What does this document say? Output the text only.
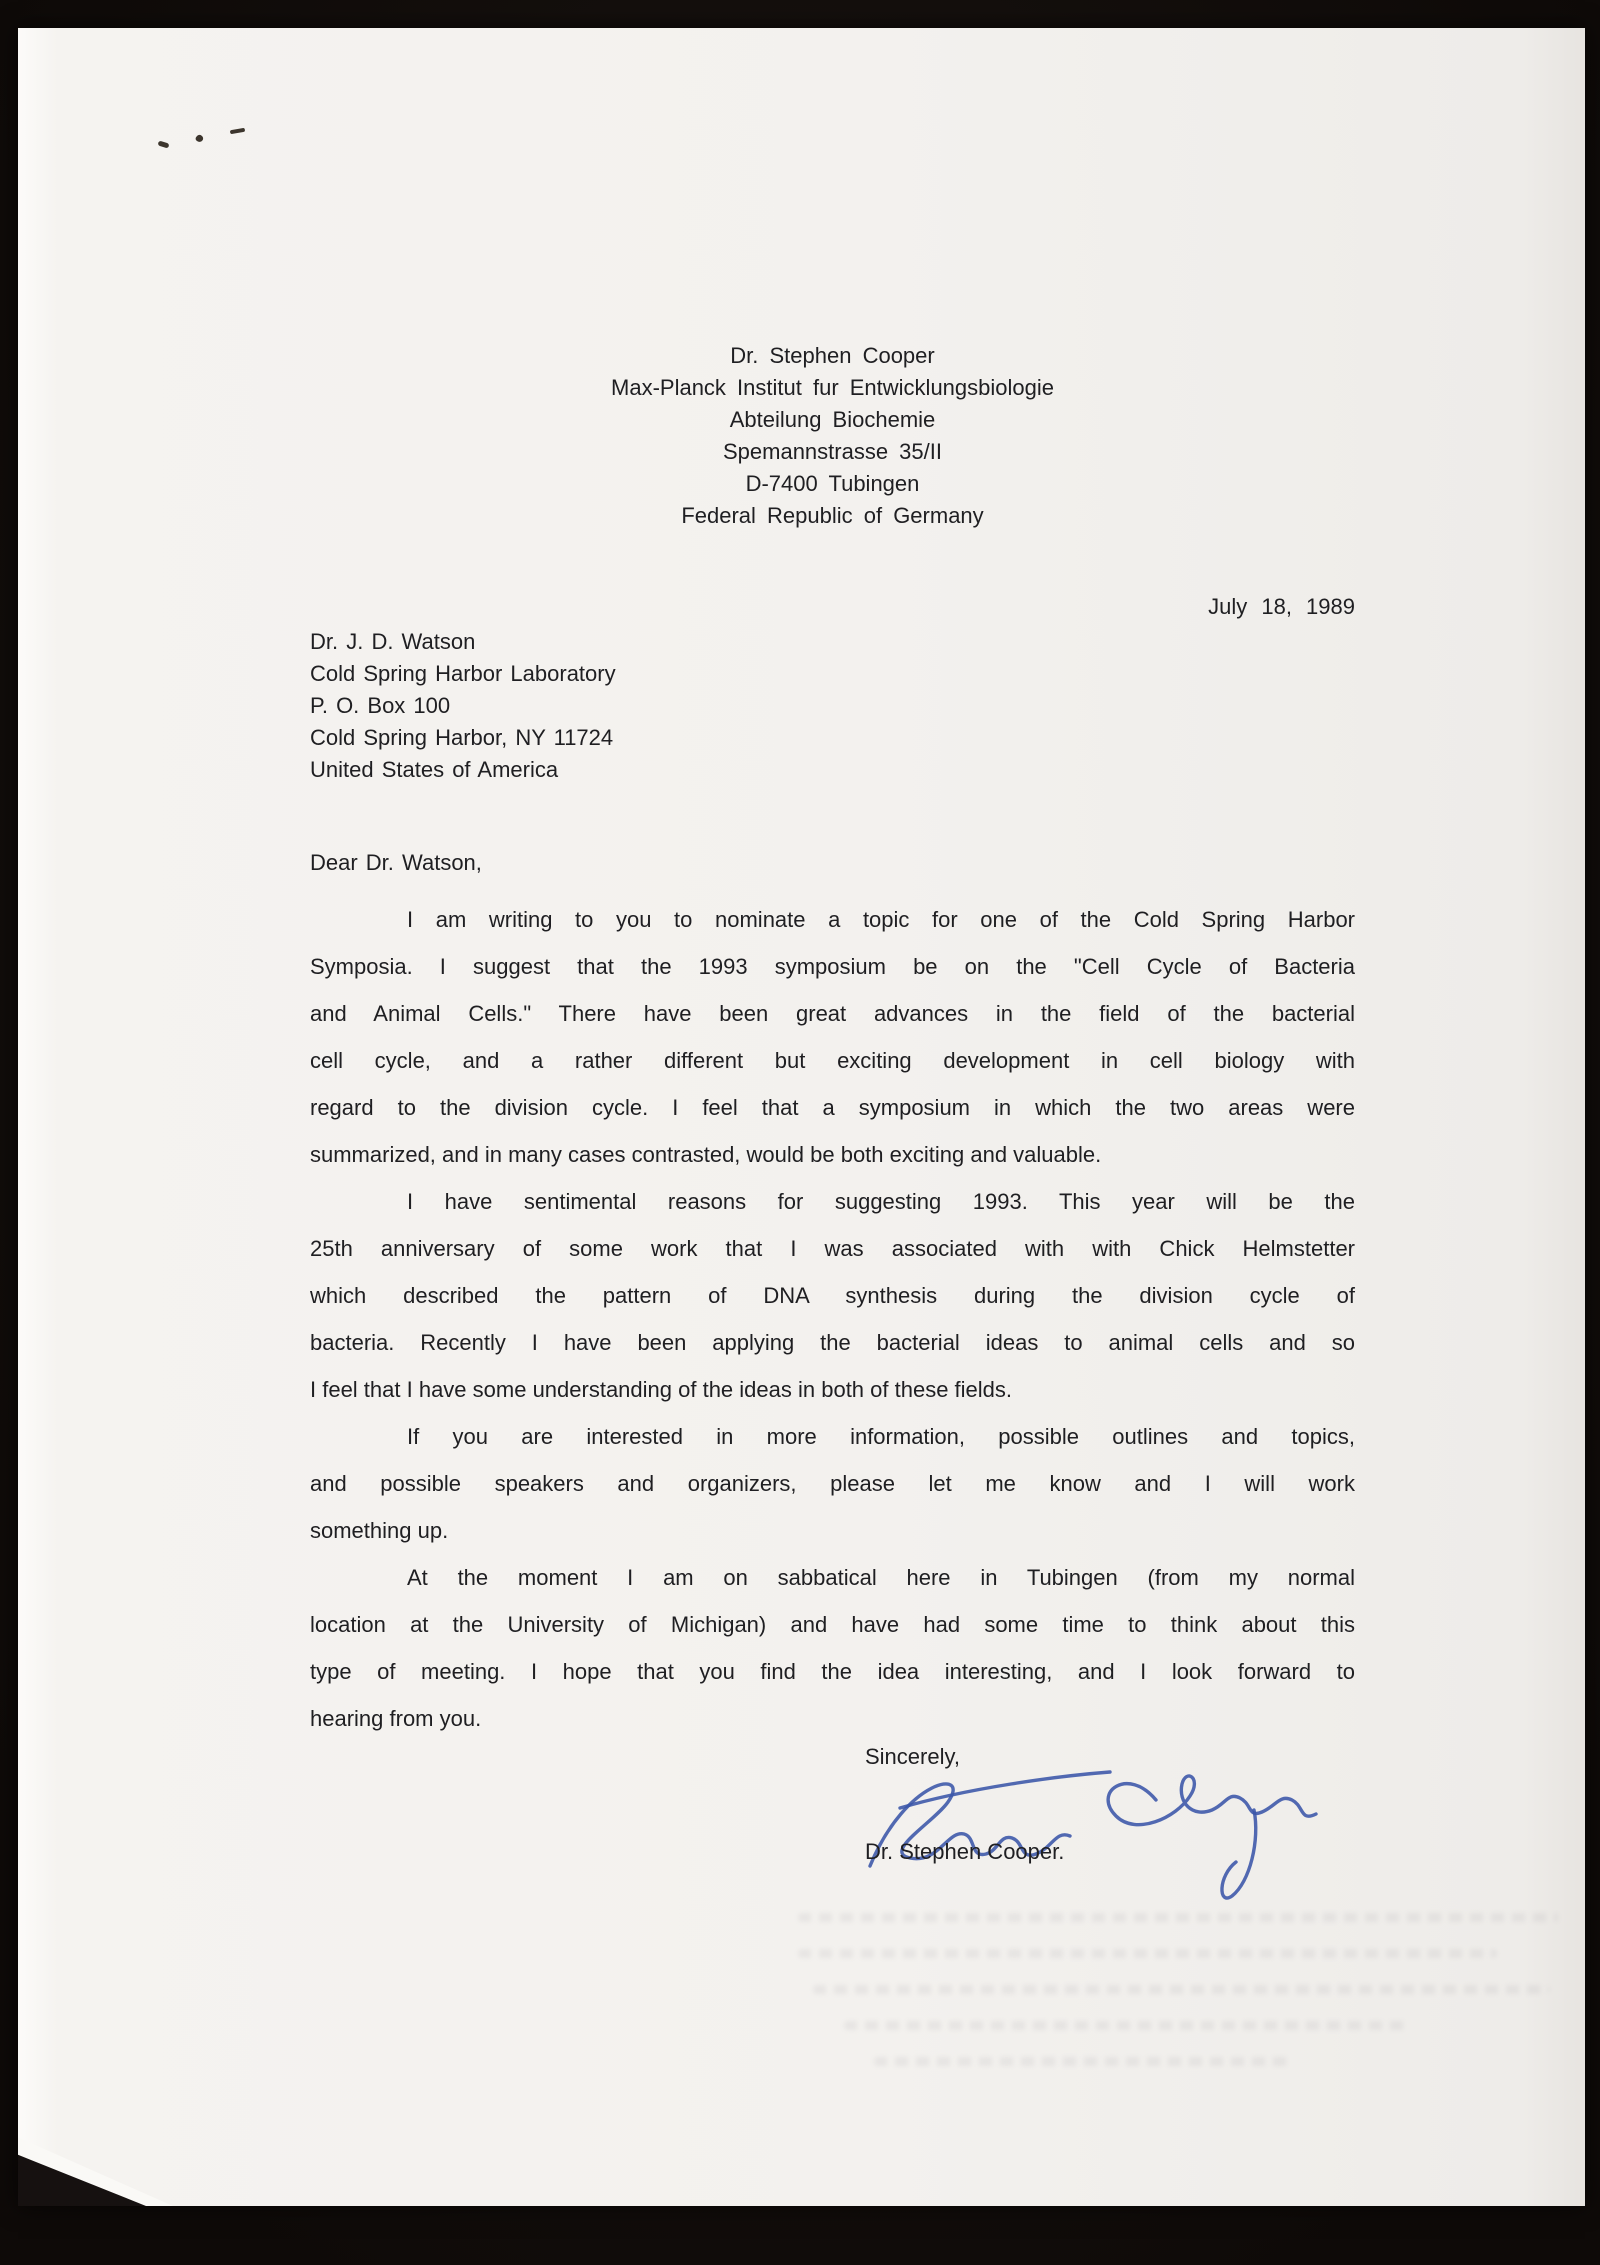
Dr. Stephen Cooper
Max-Planck Institut fur Entwicklungsbiologie
Abteilung Biochemie
Spemannstrasse 35/II
D-7400 Tubingen
Federal Republic of Germany
July 18, 1989
Dr. J. D. Watson
Cold Spring Harbor Laboratory
P. O. Box 100
Cold Spring Harbor, NY 11724
United States of America
Dear Dr. Watson,
I am writing to you to nominate a topic for one of the Cold Spring Harbor
Symposia. I suggest that the 1993 symposium be on the "Cell Cycle of Bacteria
and Animal Cells." There have been great advances in the field of the bacterial
cell cycle, and a rather different but exciting development in cell biology with
regard to the division cycle. I feel that a symposium in which the two areas were
summarized, and in many cases contrasted, would be both exciting and valuable.
I have sentimental reasons for suggesting 1993. This year will be the
25th anniversary of some work that I was associated with with Chick Helmstetter
which described the pattern of DNA synthesis during the division cycle of
bacteria. Recently I have been applying the bacterial ideas to animal cells and so
I feel that I have some understanding of the ideas in both of these fields.
If you are interested in more information, possible outlines and topics,
and possible speakers and organizers, please let me know and I will work
something up.
At the moment I am on sabbatical here in Tubingen (from my normal
location at the University of Michigan) and have had some time to think about this
type of meeting. I hope that you find the idea interesting, and I look forward to
hearing from you.
Sincerely,
Dr. Stephen Cooper.
